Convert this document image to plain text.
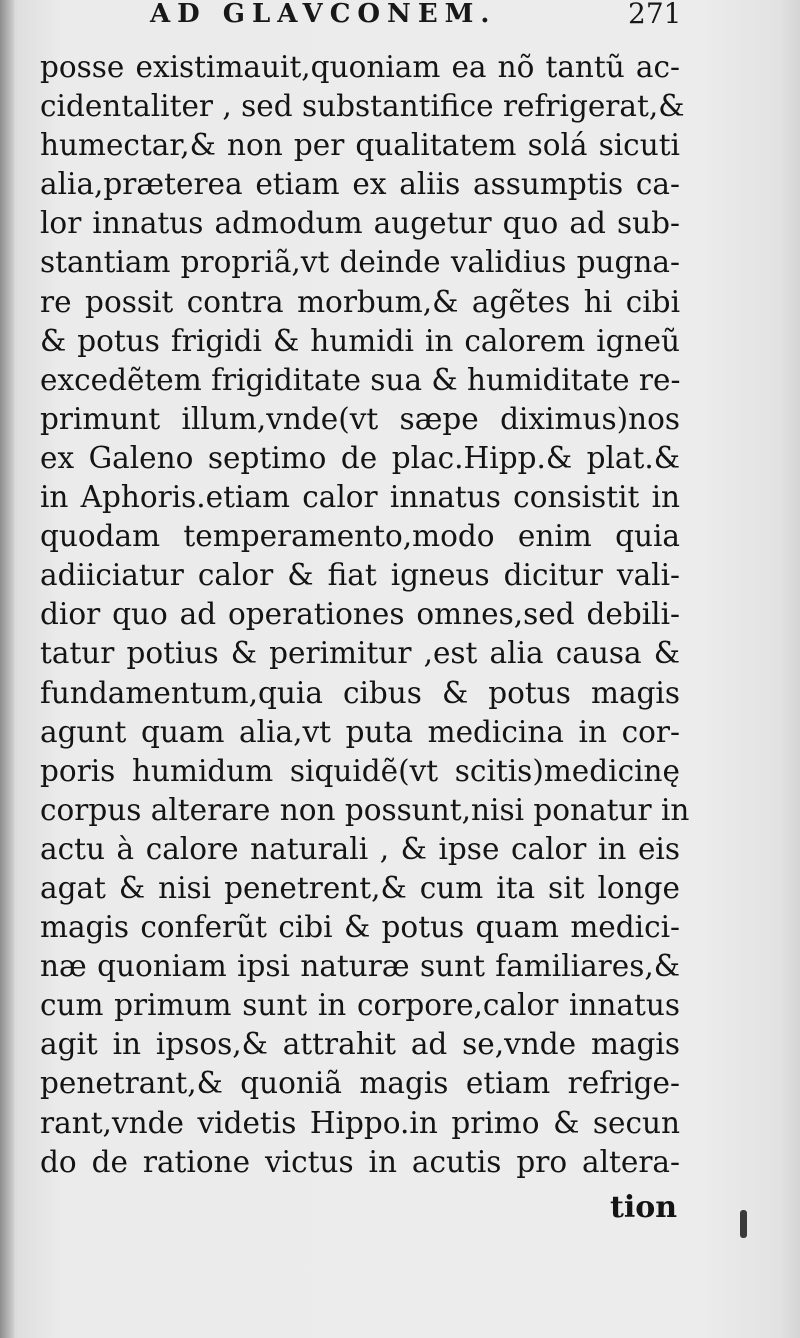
AD GLAVCONEM.	271
posse existimauit,quoniam ea nõ tantũ ac-
cidentaliter , sed substantifice refrigerat,&
humectar,& non per qualitatem solá sicuti
alia,præterea etiam ex aliis assumptis ca-
lor innatus admodum augetur quo ad sub-
stantiam propriã,vt deinde validius pugna-
re possit contra morbum,& agẽtes hi cibi
& potus frigidi & humidi in calorem igneũ
excedẽtem frigiditate sua & humiditate re-
primunt illum,vnde(vt sæpe diximus)nos
ex Galeno septimo de plac.Hipp.& plat.&
in Aphoris.etiam calor innatus consistit in
quodam temperamento,modo enim quia
adiiciatur calor & fiat igneus dicitur vali-
dior quo ad operationes omnes,sed debili-
tatur potius & perimitur ,est alia causa &
fundamentum,quia cibus & potus magis
agunt quam alia,vt puta medicina in cor-
poris humidum siquidẽ(vt scitis)medicinę
corpus alterare non possunt,nisi ponatur in
actu à calore naturali , & ipse calor in eis
agat & nisi penetrent,& cum ita sit longe
magis conferũt cibi & potus quam medici-
næ quoniam ipsi naturæ sunt familiares,&
cum primum sunt in corpore,calor innatus
agit in ipsos,& attrahit ad se,vnde magis
penetrant,& quoniã magis etiam refrige-
rant,vnde videtis Hippo.in primo & secun
do de ratione victus in acutis pro altera-
tion
